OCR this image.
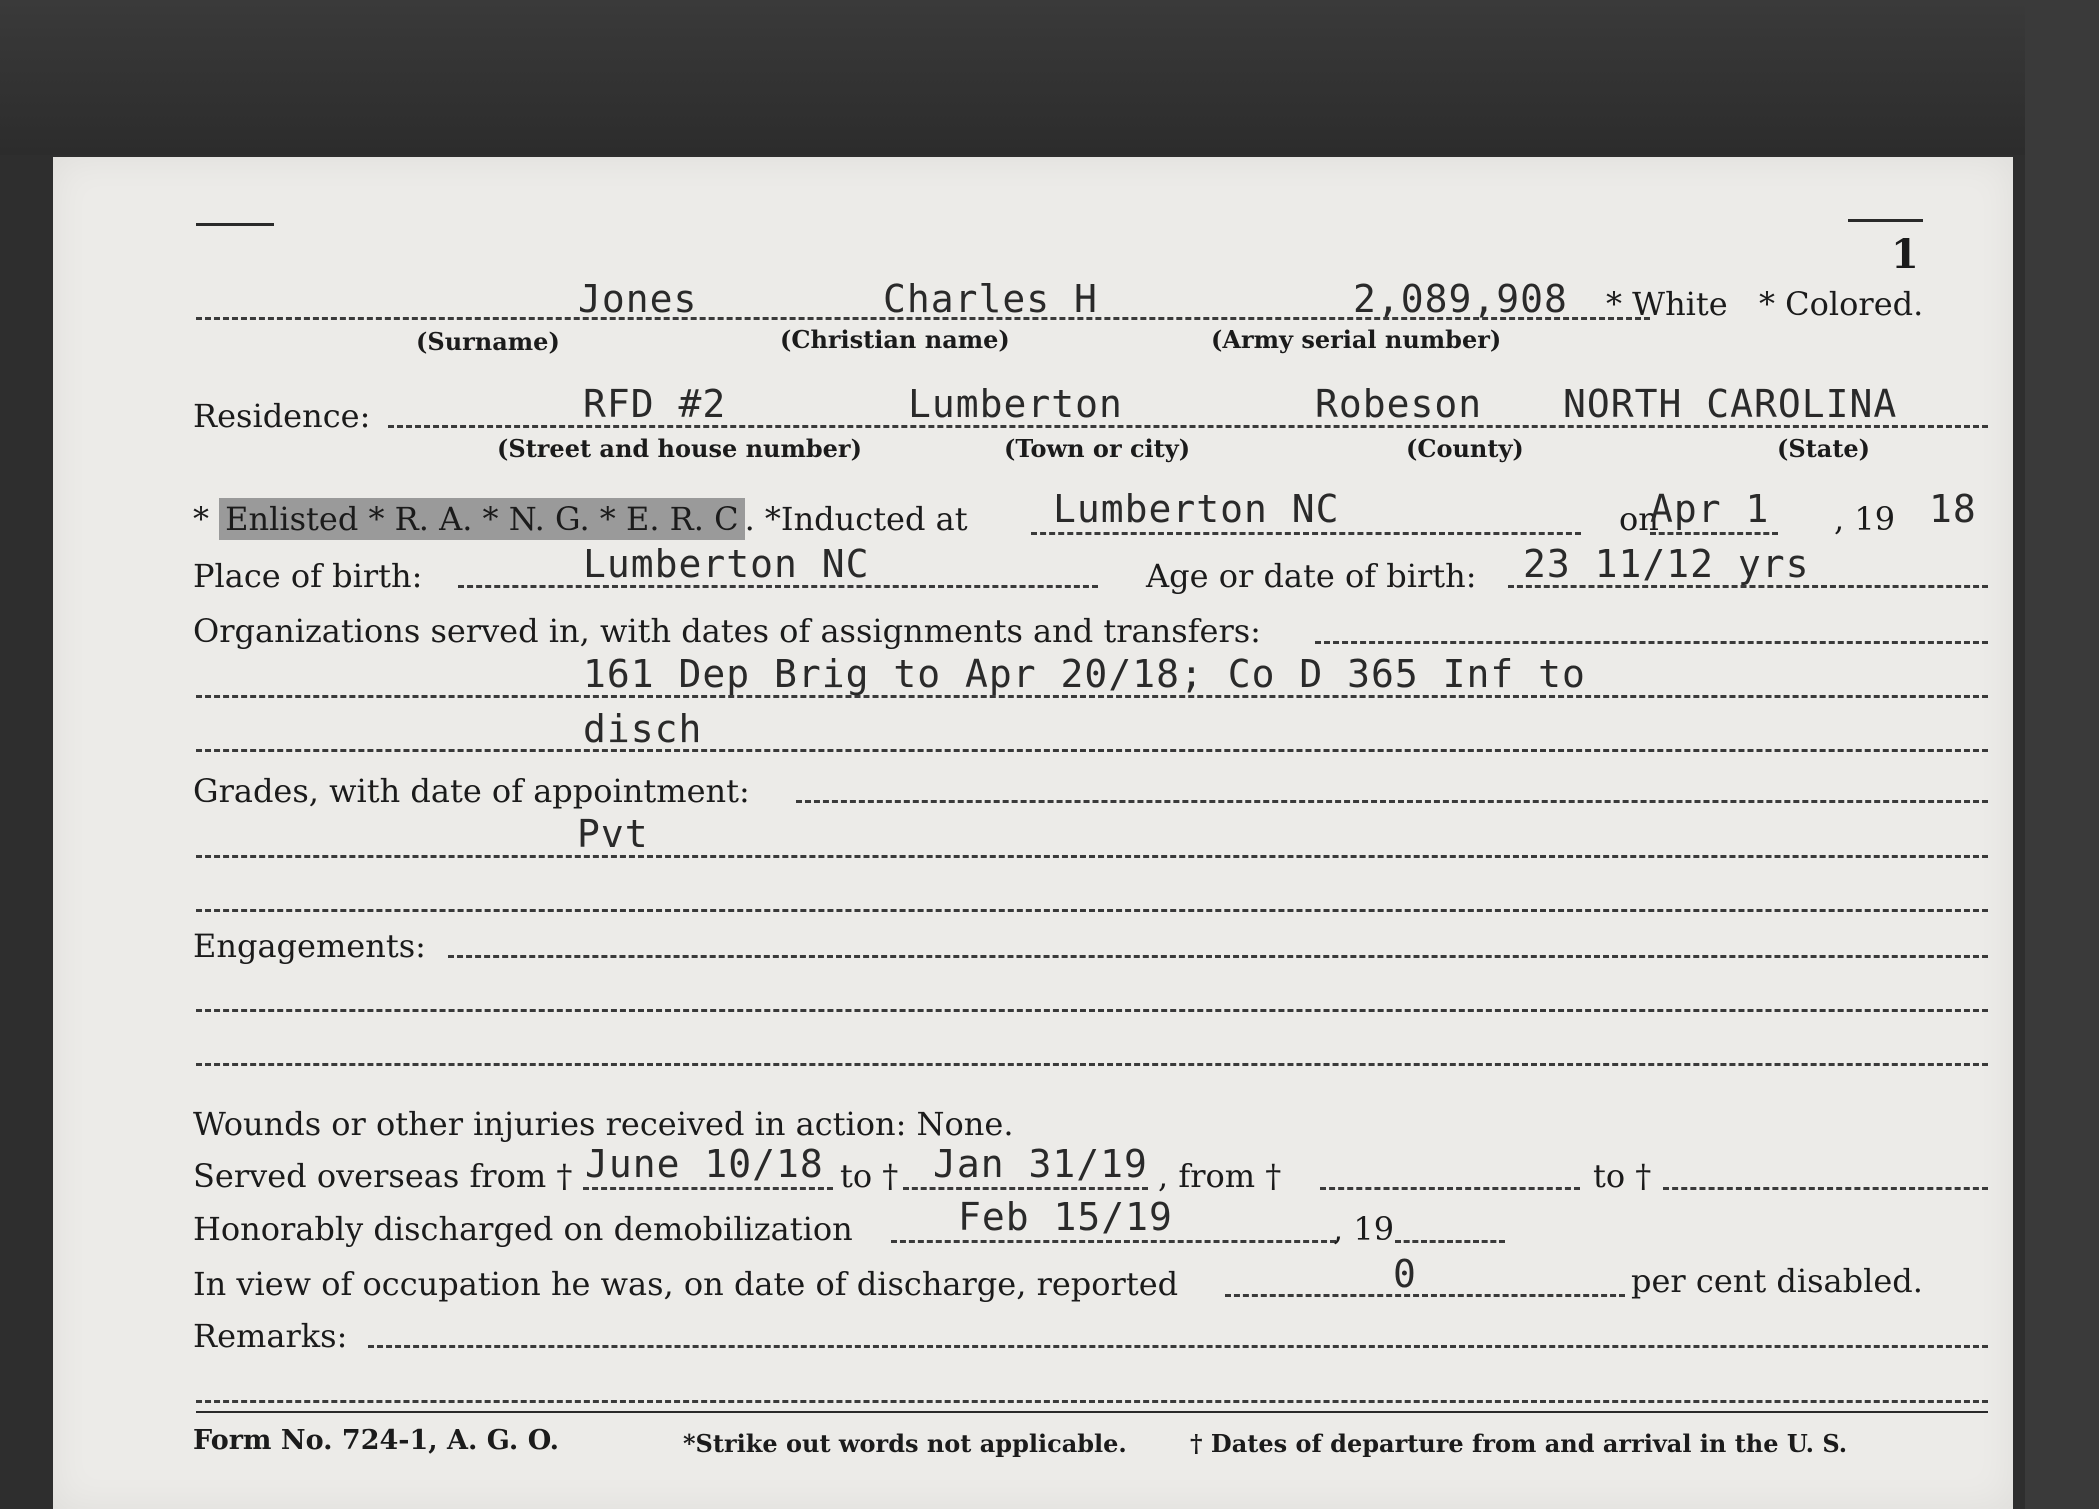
1
Jones	Charles H	2,089,908 * White * Colored.
(Surname)	(Christian name)	(Army serial number)
Residence:	RFD #2	Lumberton	Robeson NORTH CAROLINA
(Street and house number)	(Town or city)	(County)	(State)
* Enlisted * R. A. * N. G. * E. R. C . *Inducted at Lumberton NC	on
Apr 1 , 19 18
Place of birth:	Lumberton NC	Age or date of birth: 23 11/12 yrs
Organizations served in, with dates of assignments and transfers:
161 Dep Brig to Apr 20/18; Co D 365 Inf to
disch
Grades, with date of appointment:
Pvt
Engagements:
Wounds or other injuries received in action: None.
Served overseas from † June 10/18 to † Jan 31/19 , from †	to †
Honorably discharged on demobilization	Feb 15/19	, 19
In view of occupation he was, on date of discharge, reported	0	per cent disabled.
Remarks:
Form No. 724-1, A. G. O.	*Strike out words not applicable.	† Dates of departure from and arrival in the U. S.
